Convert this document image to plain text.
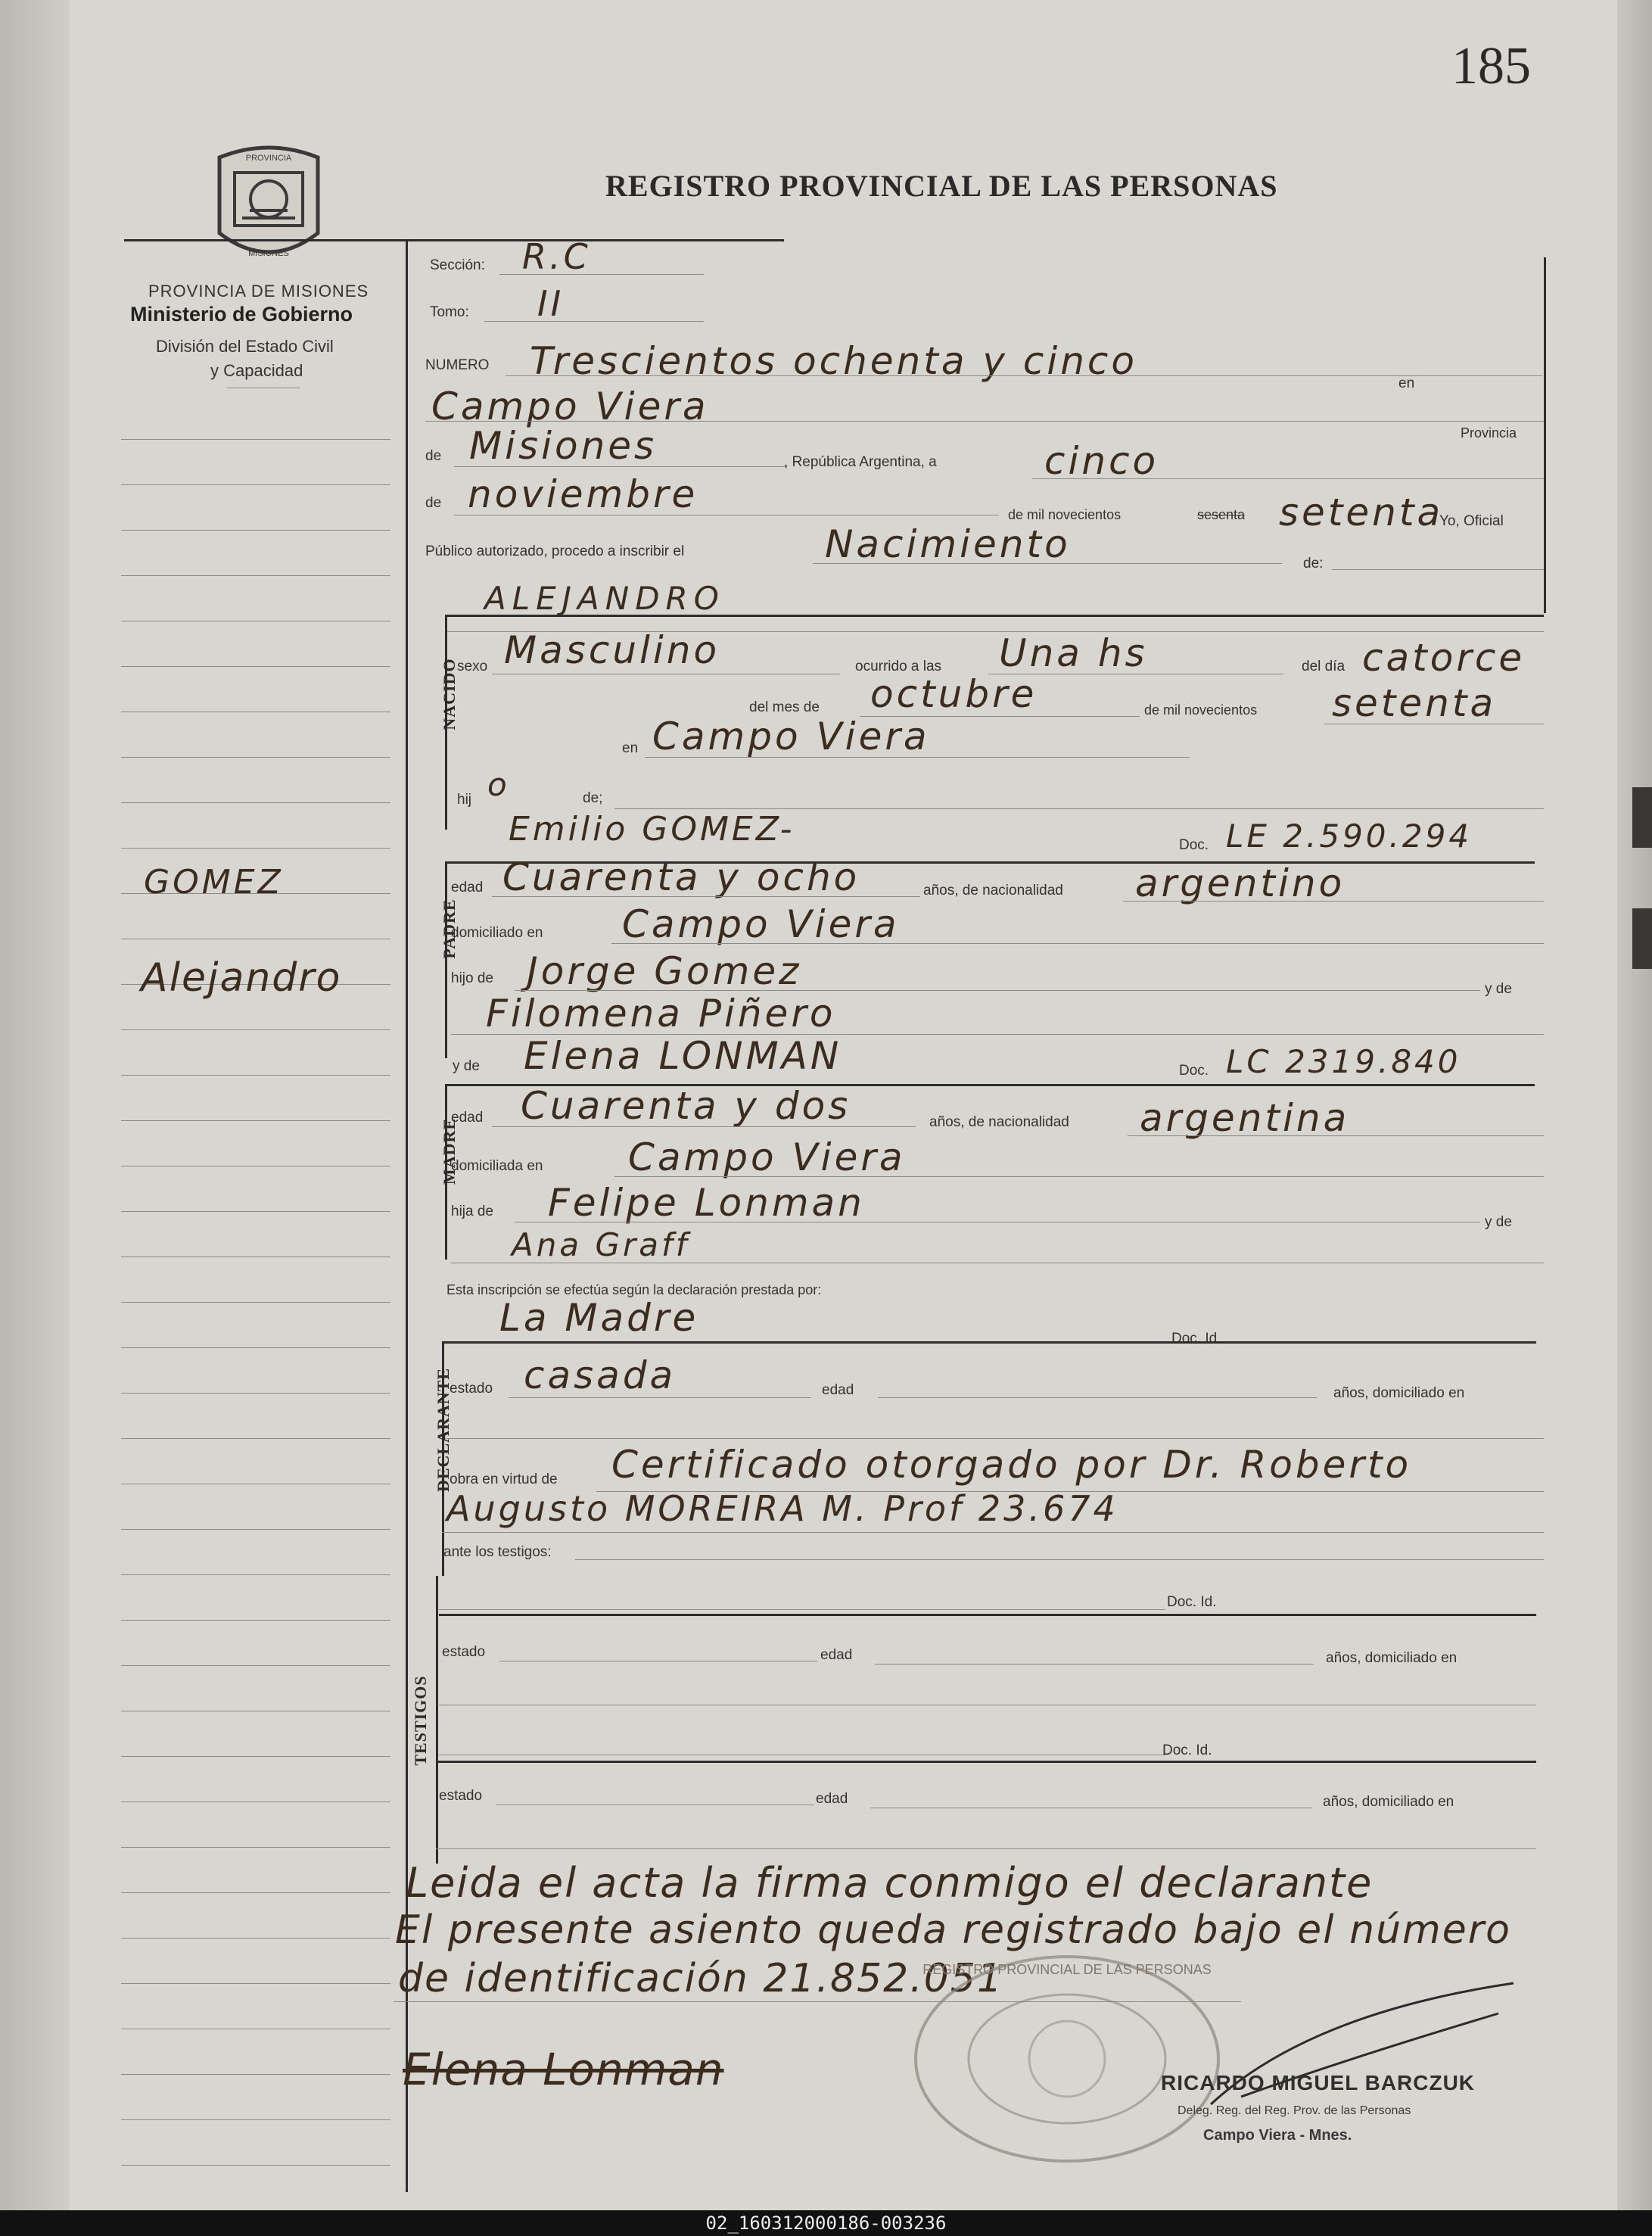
185
PROVINCIA
MISIONES
PROVINCIA DE MISIONES
Ministerio de Gobierno
División del Estado Civil
y Capacidad
REGISTRO PROVINCIAL DE LAS PERSONAS
GOMEZ
Alejandro
Sección: R.C
Tomo: II
NUMERO Trescientos ochenta y cinco
Campo Viera
en
Provincia
de Misiones	, República Argentina, a	cinco
de noviembre	de mil novecientos	sesenta setenta
Yo, Oficial
Público autorizado, procedo a inscribir el	Nacimiento	de:
ALEJANDRO
NACIDO
sexo Masculino	ocurrido a las Una hs	del día catorce
del mes de octubre	de mil novecientos setenta
en Campo Viera
hij o	de;
Emilio GOMEZ-	Doc. LE 2.590.294
PADRE
edad Cuarenta y ocho	años, de nacionalidad argentino
domiciliado en Campo Viera
hijo de Jorge Gomez	y de
Filomena Piñero
y de Elena LONMAN	Doc. LC 2319.840
MADRE
edad Cuarenta y dos	años, de nacionalidad argentina
domiciliada en Campo Viera
hija de Felipe Lonman	y de
Ana Graff
Esta inscripción se efectúa según la declaración prestada por:
La Madre	Doc. Id.
DECLARANTE
estado casada	edad	años, domiciliado en
obra en virtud de Certificado otorgado por Dr. Roberto
Augusto MOREIRA M. Prof 23.674
ante los testigos:
TESTIGOS
Doc. Id.
estado	edad	años, domiciliado en
Doc. Id.
estado	edad	años, domiciliado en
Leida el acta la firma conmigo el declarante
El presente asiento queda registrado bajo el número
de identificación 21.852.051
REGISTRO PROVINCIAL DE LAS PERSONAS
Elena Lonman	RICARDO MIGUEL BARCZUK
Deleg. Reg. del Reg. Prov. de las Personas
Campo Viera - Mnes.
02_160312000186-003236
